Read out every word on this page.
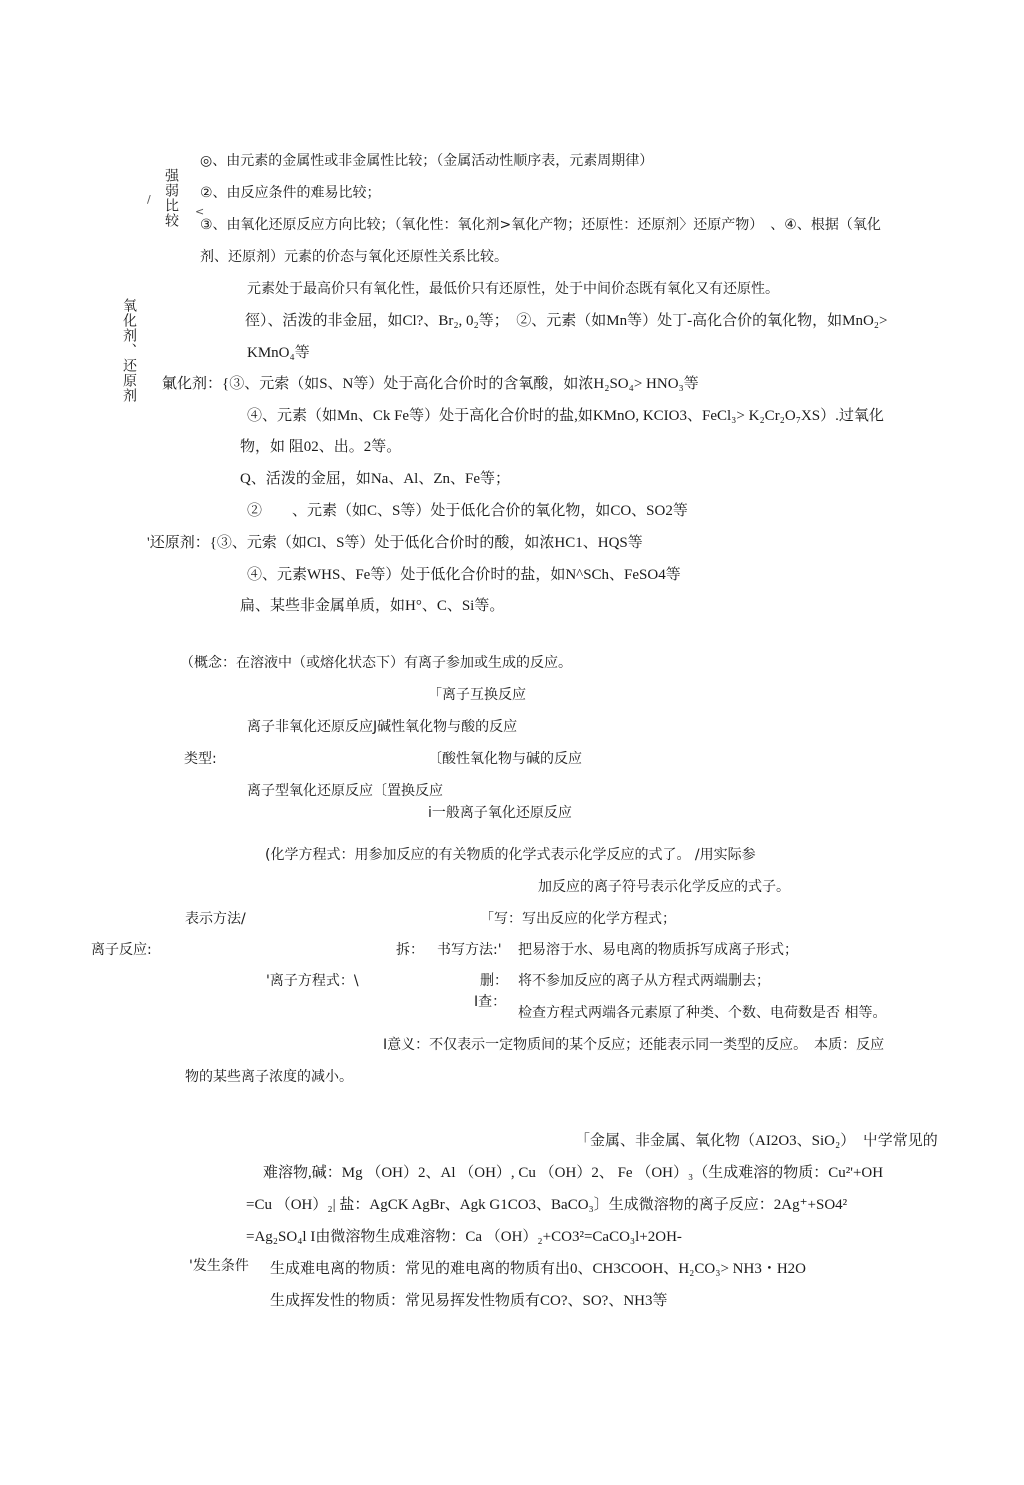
强弱比较
/
<
◎、由元素的金属性或非金属性比较；（金属活动性顺序表，元素周期律）
②、由反应条件的难易比较；
③、由氧化还原反应方向比较；（氧化性：氧化剂>氧化产物；还原性：还原剂〉还原产物）　、④、根据（氧化
剂、还原剂）元素的价态与氧化还原性关系比较。
氧化剂、还原剂
元素处于最高价只有氧化性，最低价只有还原性，处于中间价态既有氧化又有还原性。
徑）、活泼的非金屈，如Cl?、Br₂, 0₂等；　②、元素（如Mn等）处丁-高化合价的氧化物，如MnO₂>
KMnO₄等
氭化剂：{③、元索（如S、N等）处于高化合价时的含氧酸，如浓H₂SO₄> HNO₃等
④、元素（如Mn、Ck Fe等）处于高化合价时的盐,如KMnO, KCIO3、FeCl₃> K₂Cr₂O₇XS）.过氧化
物，如 阻02、出。2等。
Q、活泼的金屈，如Na、Al、Zn、Fe等；
②　　、元素（如C、S等）处于低化合价的氧化物，如CO、SO2等
'还原剂：{③、元索（如Cl、S等）处于低化合价时的酸，如浓HC1、HQS等
④、元素WHS、Fe等）处于低化合价时的盐，如N^SCh、FeSO4等
扁、某些非金属单质，如H°、C、Si等。
（概念：在溶液中（或熔化状态下）有离子参加或生成的反应。
「离子互换反应
离子非氧化还原反应J碱性氧化物与酸的反应
类型:	〔酸性氧化物与碱的反应
离子型氧化还原反应〔置换反应
i一般离子氧化还原反应
(化学方程式：用参加反应的有关物质的化学式表示化学反应的式了。 /用实际参
加反应的离子符号表示化学反应的式子。
表示方法/	「写：写出反应的化学方程式；
离子反应:	拆： 书写方法:' 把易溶于水、易电离的物质拆写成离子形式；
'离子方程式：\	删： 将不参加反应的离子从方程式两端删去；
I查：
检查方程式两端各元素原了种类、个数、电荷数是否 相等。
I意义：不仅表示一定物质间的某个反应；还能表示同一类型的反应。　本质：反应
物的某些离子浓度的减小。
「金属、非金属、氧化物（AI2O3、SiO₂）　屮学常见的
难溶物,碱：Mg （OH）2、Al （OH）, Cu （OH）2、 Fe （OH）₃（生成难溶的物质：Cu²'+OH
=Cu （OH）₂| 盐：AgCK AgBr、Agk G1CO3、BaCO₃〕生成微溶物的离子反应：2Ag⁺+SO4²
=Ag₂SO₄l I由微溶物生成难溶物：Ca （OH）₂+CO3²=CaCO₃l+2OH-
'发生条件 生成难电离的物质：常见的难电离的物质有出0、CH3COOH、H₂CO₃> NH3・H2O
生成挥发性的物质：常见易挥发性物质有CO?、SO?、NH3等
